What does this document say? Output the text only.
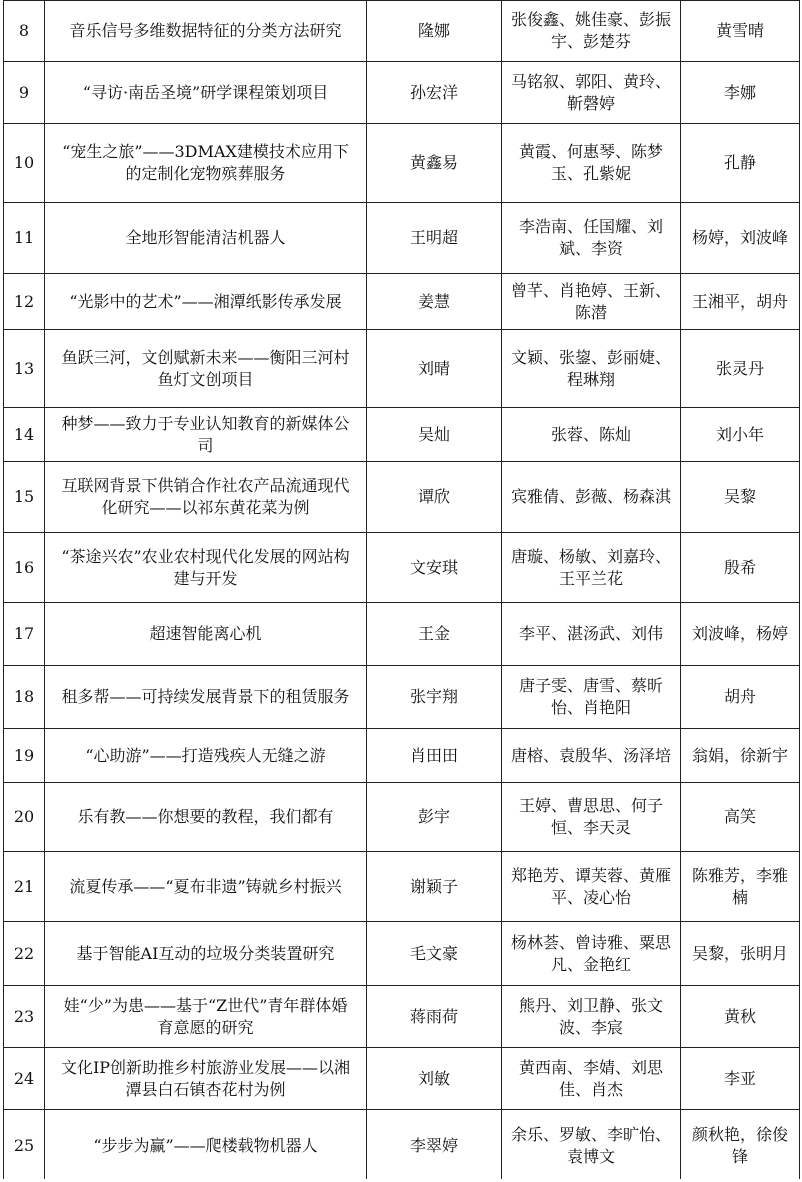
8	音乐信号多维数据特征的分类方法研究	隆娜	张俊鑫、姚佳豪、彭振宇、彭楚芬	黄雪晴
9	“寻访·南岳圣境”研学课程策划项目	孙宏洋	马铭叙、郭阳、黄玲、靳磬婷	李娜
10	“宠生之旅”——3DMAX建模技术应用下的定制化宠物殡葬服务	黄鑫易	黄霞、何惠琴、陈梦玉、孔紫妮	孔静
11	全地形智能清洁机器人	王明超	李浩南、任国耀、刘斌、李资	杨婷，刘波峰
12	“光影中的艺术”——湘潭纸影传承发展	姜慧	曾芊、肖艳婷、王新、陈潜	王湘平，胡舟
13	鱼跃三河，文创赋新未来——衡阳三河村鱼灯文创项目	刘晴	文颖、张鋆、彭丽婕、程琳翔	张灵丹
14	种梦——致力于专业认知教育的新媒体公司	吴灿	张蓉、陈灿	刘小年
15	互联网背景下供销合作社农产品流通现代化研究——以祁东黄花菜为例	谭欣	宾雅倩、彭薇、杨森淇	吴黎
16	“茶途兴农”农业农村现代化发展的网站构建与开发	文安琪	唐璇、杨敏、刘嘉玲、王平兰花	殷希
17	超速智能离心机	王金	李平、湛汤武、刘伟	刘波峰，杨婷
18	租多帮——可持续发展背景下的租赁服务	张宇翔	唐子雯、唐雪、蔡昕怡、肖艳阳	胡舟
19	“心助游”——打造残疾人无缝之游	肖田田	唐榕、袁殷华、汤泽培	翁娟，徐新宇
20	乐有教——你想要的教程，我们都有	彭宇	王婷、曹思思、何子恒、李天灵	高笑
21	流夏传承——“夏布非遗”铸就乡村振兴	谢颖子	郑艳芳、谭芙蓉、黄雁平、凌心怡	陈雅芳，李雅楠
22	基于智能AI互动的垃圾分类装置研究	毛文豪	杨林荟、曾诗雅、粟思凡、金艳红	吴黎，张明月
23	娃“少”为患——基于“Z世代”青年群体婚育意愿的研究	蒋雨荷	熊丹、刘卫静、张文波、李宸	黄秋
24	文化IP创新助推乡村旅游业发展——以湘潭县白石镇杏花村为例	刘敏	黄西南、李婧、刘思佳、肖杰	李亚
25	“步步为赢”——爬楼载物机器人	李翠婷	余乐、罗敏、李旷怡、袁博文	颜秋艳，徐俊锋
